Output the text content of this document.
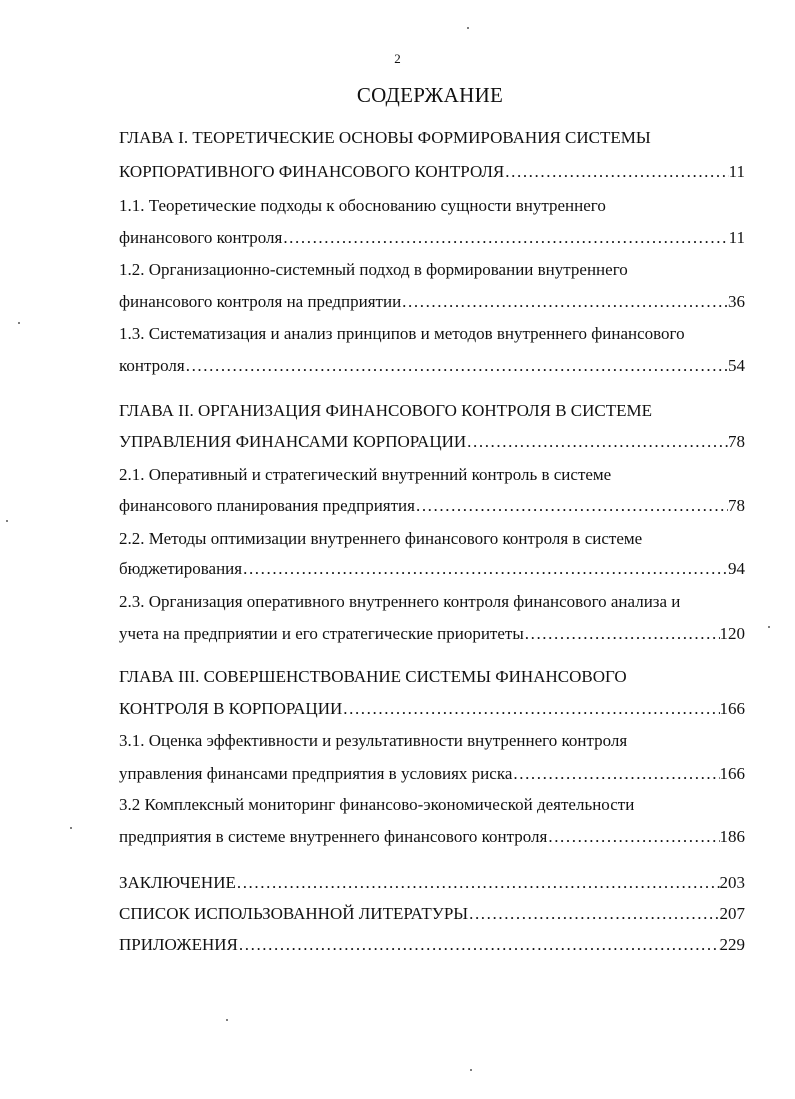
2
СОДЕРЖАНИЕ
ГЛАВА I. ТЕОРЕТИЧЕСКИЕ ОСНОВЫ ФОРМИРОВАНИЯ СИСТЕМЫ
КОРПОРАТИВНОГО ФИНАНСОВОГО КОНТРОЛЯ .....	11
1.1. Теоретические подходы к обоснованию сущности внутреннего
финансового контроля .....	11
1.2. Организационно-системный подход в формировании внутреннего
финансового контроля на предприятии .....	36
1.3. Систематизация и анализ принципов и методов внутреннего финансового
контроля .....	54
ГЛАВА II. ОРГАНИЗАЦИЯ ФИНАНСОВОГО КОНТРОЛЯ В СИСТЕМЕ
УПРАВЛЕНИЯ ФИНАНСАМИ КОРПОРАЦИИ .....	78
2.1. Оперативный и стратегический внутренний контроль в системе
финансового планирования предприятия .....	78
2.2. Методы оптимизации внутреннего финансового контроля в системе
бюджетирования .....	94
2.3. Организация оперативного внутреннего контроля финансового анализа и
учета на предприятии и его стратегические приоритеты .....	120
ГЛАВА III. СОВЕРШЕНСТВОВАНИЕ СИСТЕМЫ ФИНАНСОВОГО
КОНТРОЛЯ В КОРПОРАЦИИ .....	166
3.1. Оценка эффективности и результативности внутреннего контроля
управления финансами предприятия в условиях риска .....	166
3.2 Комплексный мониторинг финансово-экономической деятельности
предприятия в системе внутреннего финансового контроля .....	186
ЗАКЛЮЧЕНИЕ .....	203
СПИСОК ИСПОЛЬЗОВАННОЙ ЛИТЕРАТУРЫ .....	207
ПРИЛОЖЕНИЯ .....	229
